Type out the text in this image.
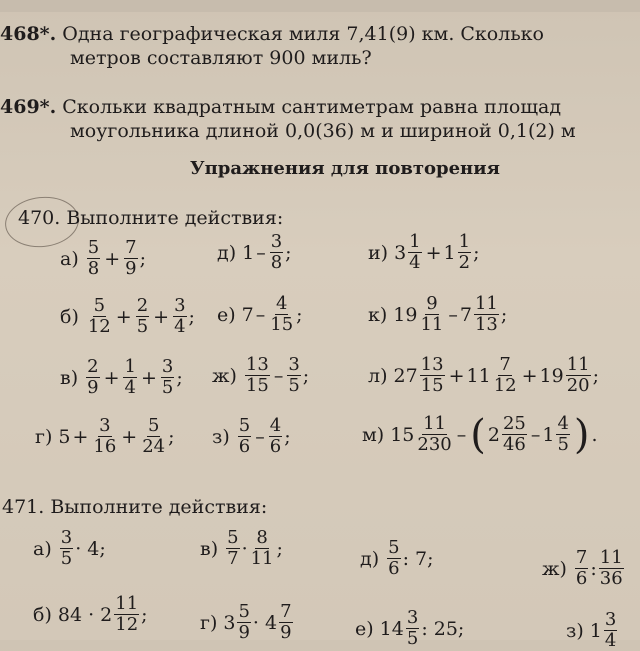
468*. Одна географическая миля 7,41(9) км. Сколько
метров составляют 900 миль?
469*. Скольки квадратным сантиметрам равна площад
моугольника длиной 0,0(36) м и шириной 0,1(2) м
Упражнения для повторения
470. Выполните действия:
$а) \frac{5}{8} + \frac{7}{9}$ ;	д) $1 - \frac{3}{8}$ ;	и) $3 \frac{1}{4} + 1 \frac{1}{2}$ ;
$б) \frac{5}{12} + \frac{2}{5} + \frac{3}{4}$ ; е) $7 - \frac{4}{15}$ ;	к) $19 \frac{9}{11} - 7 \frac{11}{13}$ ;
$в) \frac{2}{9} + \frac{1}{4} + \frac{3}{5}$ ; $ж) \frac{13}{15} - \frac{3}{5}$ ;	л) $27 \frac{13}{15} + 11 \frac{7}{12} + 19 \frac{11}{20}$ ;
г) $5 + \frac{3}{16} + \frac{5}{24}$ ; $з) \frac{5}{6} - \frac{4}{6}$ ;	м) $15 \frac{11}{230}$ – ( $2 \frac{25}{46} - 1 \frac{4}{5}$ ) .
471. Выполните действия:
$а) \frac{3}{5} \cdot 4$;	$в) \frac{5}{7} \cdot \frac{8}{11}$ ;	$д) \frac{5}{6}$ : 7;	$ж) \frac{7}{6}$ : $\frac{11}{36}$
б) $84 \cdot 2 \frac{11}{12}$ ;	г) $3 \frac{5}{9} \cdot 4 \frac{7}{9}$	е) $14 \frac{3}{5}$ : 25;	з) $1 \frac{3}{4}$
